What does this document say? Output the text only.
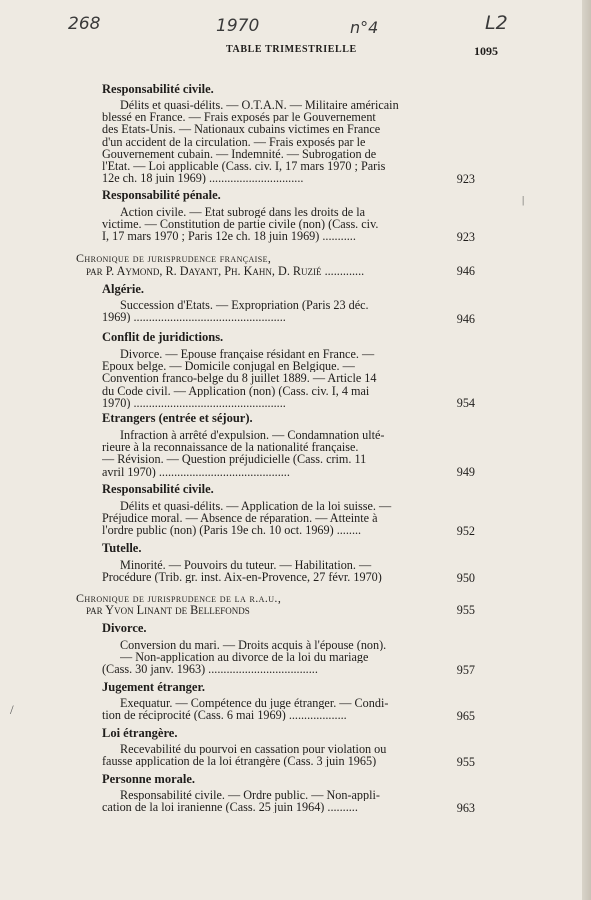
268	1970	n°4	L2
TABLE TRIMESTRIELLE	1095
Responsabilité civile.
Délits et quasi-délits. — O.T.A.N. — Militaire américain
blessé en France. — Frais exposés par le Gouvernement
des Etats-Unis. — Nationaux cubains victimes en France
d'un accident de la circulation. — Frais exposés par le
Gouvernement cubain. — Indemnité. — Subrogation de
l'Etat. — Loi applicable (Cass. civ. I, 17 mars 1970 ; Paris
12e ch. 18 juin 1969) ...............................	923
Responsabilité pénale.
Action civile. — Etat subrogé dans les droits de la
victime. — Constitution de partie civile (non) (Cass. civ.
I, 17 mars 1970 ; Paris 12e ch. 18 juin 1969) ...........	923
Chronique de jurisprudence française,
par P. Aymond, R. Dayant, Ph. Kahn, D. Ruzié .............	946
Algérie.
Succession d'Etats. — Expropriation (Paris 23 déc.
1969) ..................................................	946
Conflit de juridictions.
Divorce. — Epouse française résidant en France. —
Epoux belge. — Domicile conjugal en Belgique. —
Convention franco-belge du 8 juillet 1889. — Article 14
du Code civil. — Application (non) (Cass. civ. I, 4 mai
1970) ..................................................	954
Etrangers (entrée et séjour).
Infraction à arrêté d'expulsion. — Condamnation ulté-
rieure à la reconnaissance de la nationalité française.
— Révision. — Question préjudicielle (Cass. crim. 11
avril 1970) ...........................................	949
Responsabilité civile.
Délits et quasi-délits. — Application de la loi suisse. —
Préjudice moral. — Absence de réparation. — Atteinte à
l'ordre public (non) (Paris 19e ch. 10 oct. 1969) ........	952
Tutelle.
Minorité. — Pouvoirs du tuteur. — Habilitation. —
Procédure (Trib. gr. inst. Aix-en-Provence, 27 févr. 1970)	950
Chronique de jurisprudence de la r.a.u.,
par Yvon Linant de Bellefonds	955
Divorce.
Conversion du mari. — Droits acquis à l'épouse (non).
— Non-application au divorce de la loi du mariage
(Cass. 30 janv. 1963) ....................................	957
Jugement étranger.
Exequatur. — Compétence du juge étranger. — Condi-
tion de réciprocité (Cass. 6 mai 1969) ...................	965
Loi étrangère.
Recevabilité du pourvoi en cassation pour violation ou
fausse application de la loi étrangère (Cass. 3 juin 1965)	955
Personne morale.
Responsabilité civile. — Ordre public. — Non-appli-
cation de la loi iranienne (Cass. 25 juin 1964) ..........	963
|
/
